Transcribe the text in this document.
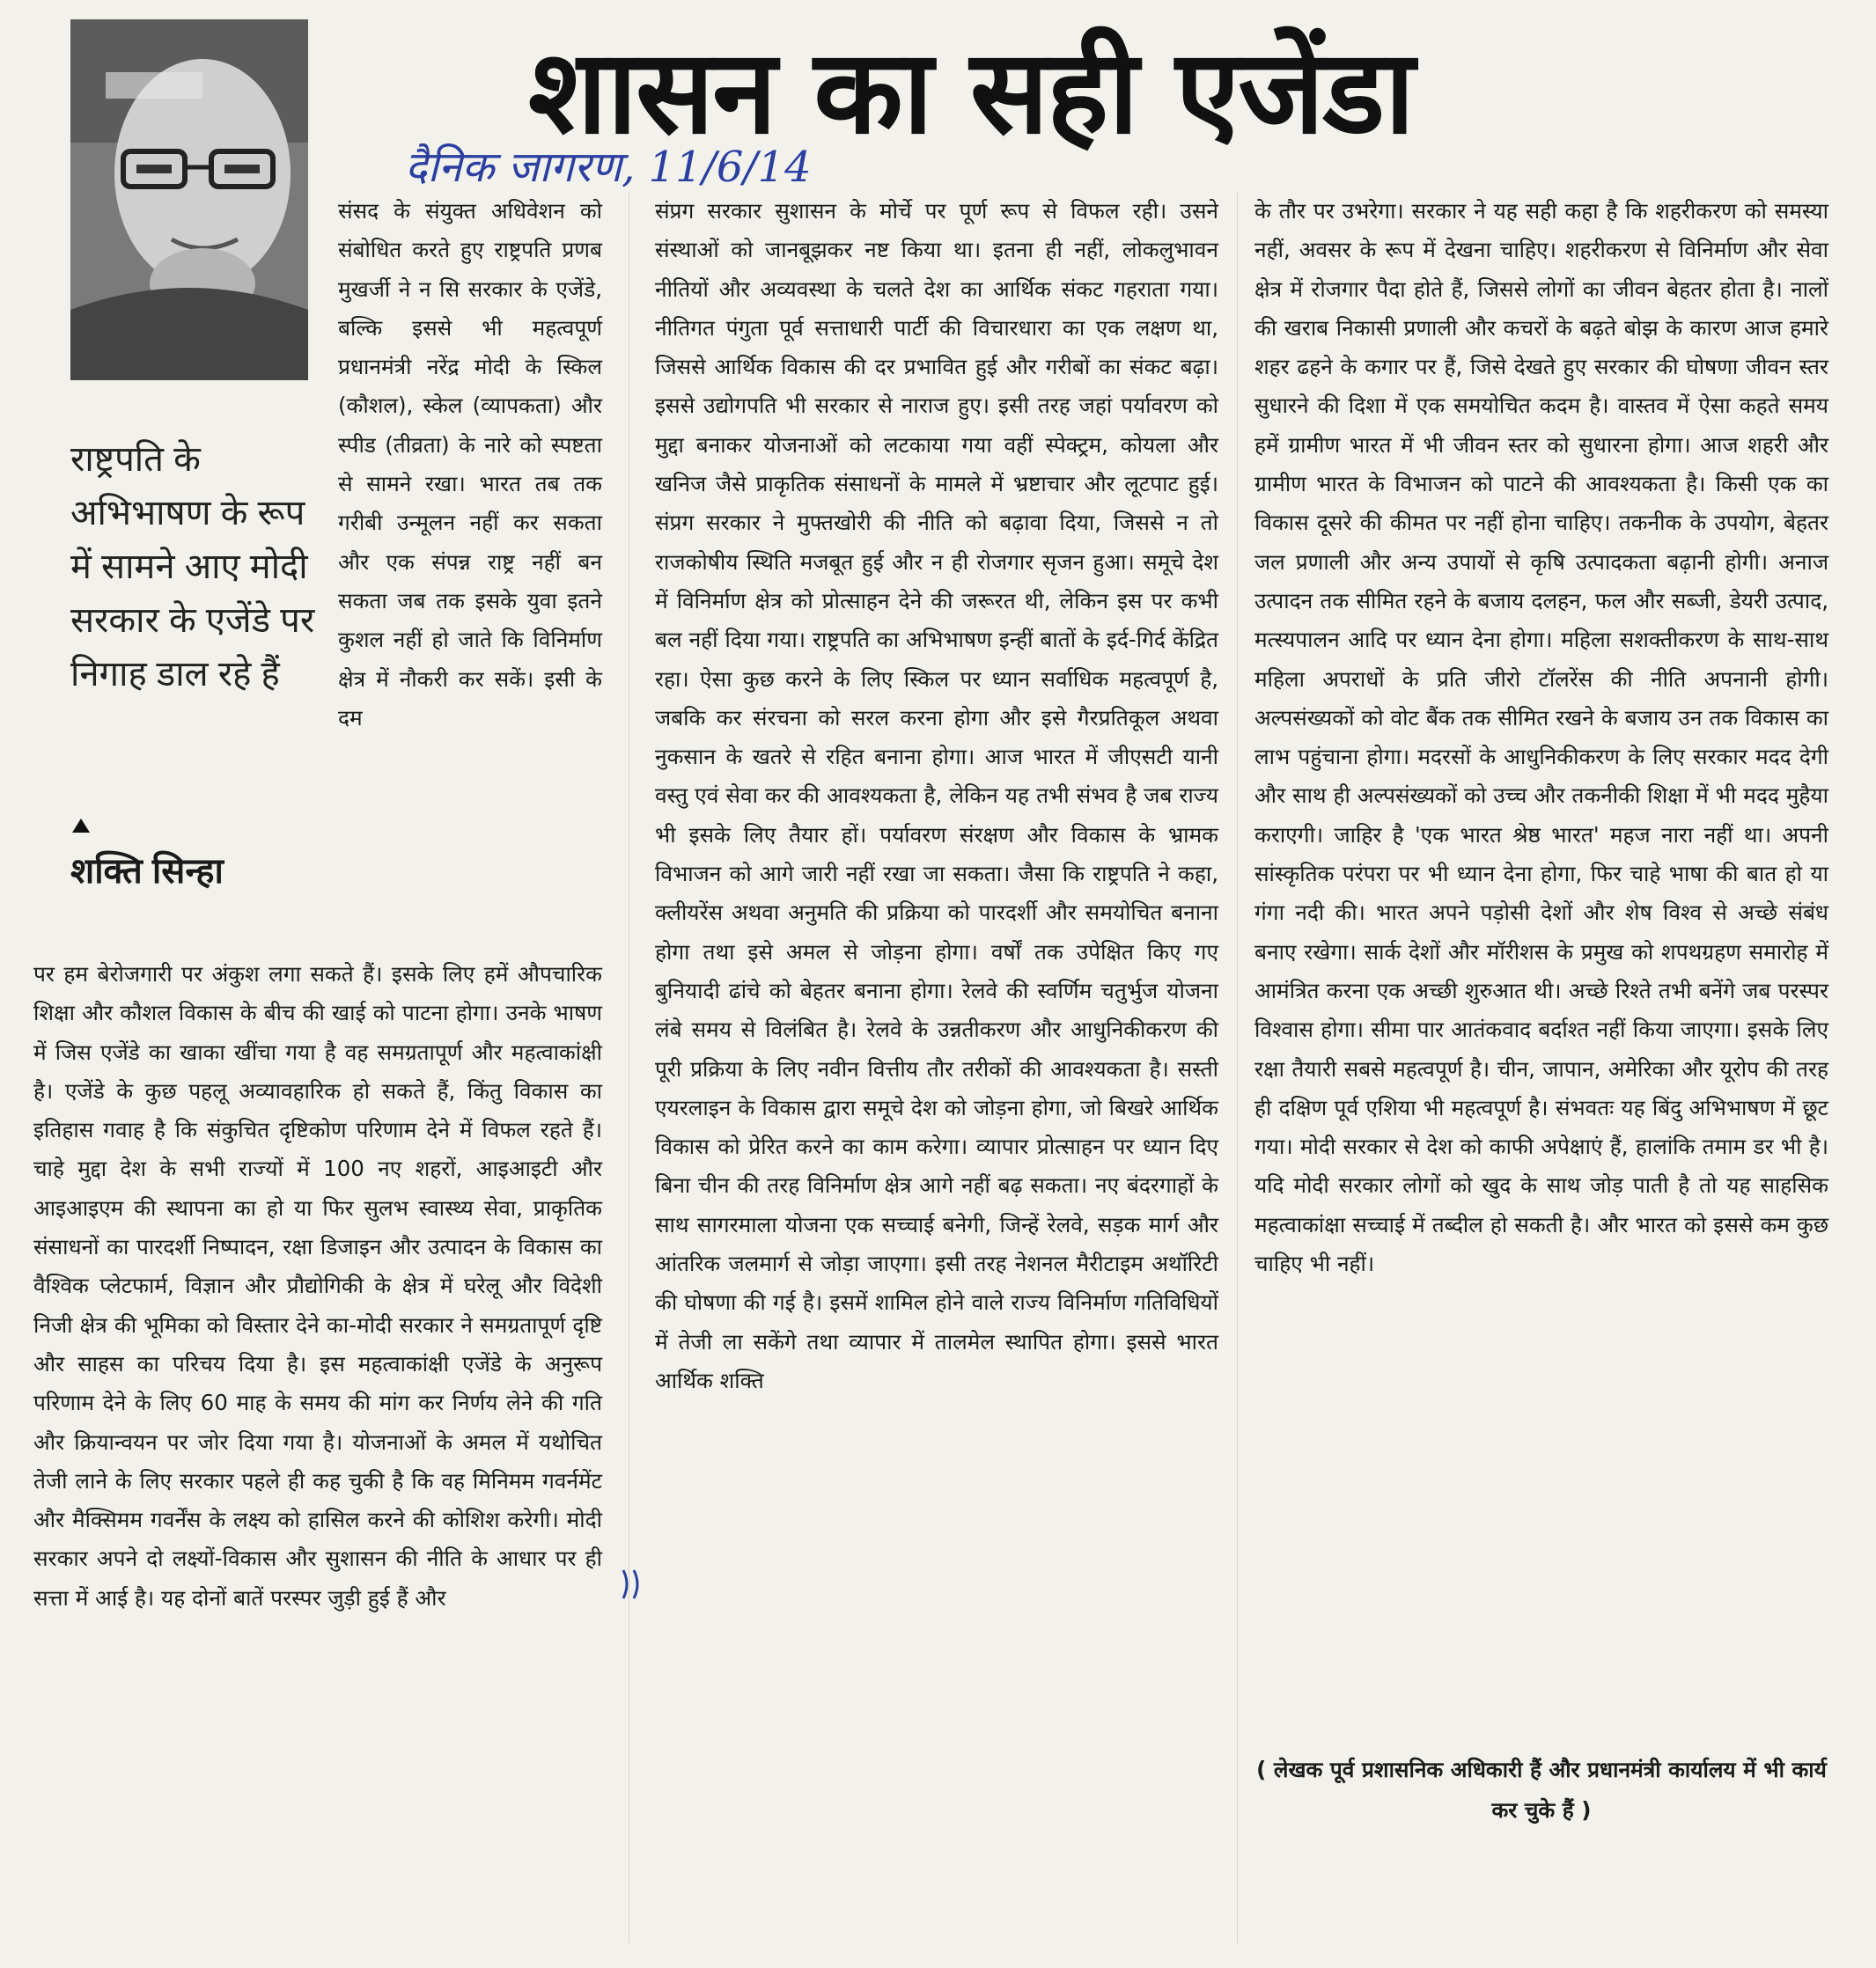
शासन का सही एजेंडा
दैनिक जागरण, 11/6/14
राष्ट्रपति के अभिभाषण के रूप में सामने आए मोदी सरकार के एजेंडे पर निगाह डाल रहे हैं
शक्ति सिन्हा
संसद के संयुक्त अधिवेशन को संबोधित करते हुए राष्ट्रपति प्रणब मुखर्जी ने न सि सरकार के एजेंडे, बल्कि इससे भी महत्वपूर्ण प्रधानमंत्री नरेंद्र मोदी के स्किल (कौशल), स्केल (व्यापकता) और स्पीड (तीव्रता) के नारे को स्पष्टता से सामने रखा। भारत तब तक गरीबी उन्मूलन नहीं कर सकता और एक संपन्न राष्ट्र नहीं बन सकता जब तक इसके युवा इतने कुशल नहीं हो जाते कि विनिर्माण क्षेत्र में नौकरी कर सकें। इसी के दम
पर हम बेरोजगारी पर अंकुश लगा सकते हैं। इसके लिए हमें औपचारिक शिक्षा और कौशल विकास के बीच की खाई को पाटना होगा। उनके भाषण में जिस एजेंडे का खाका खींचा गया है वह समग्रतापूर्ण और महत्वाकांक्षी है। एजेंडे के कुछ पहलू अव्यावहारिक हो सकते हैं, किंतु विकास का इतिहास गवाह है कि संकुचित दृष्टिकोण परिणाम देने में विफल रहते हैं। चाहे मुद्दा देश के सभी राज्यों में 100 नए शहरों, आइआइटी और आइआइएम की स्थापना का हो या फिर सुलभ स्वास्थ्य सेवा, प्राकृतिक संसाधनों का पारदर्शी निष्पादन, रक्षा डिजाइन और उत्पादन के विकास का वैश्विक प्लेटफार्म, विज्ञान और प्रौद्योगिकी के क्षेत्र में घरेलू और विदेशी निजी क्षेत्र की भूमिका को विस्तार देने का-मोदी सरकार ने समग्रतापूर्ण दृष्टि और साहस का परिचय दिया है। इस महत्वाकांक्षी एजेंडे के अनुरूप परिणाम देने के लिए 60 माह के समय की मांग कर निर्णय लेने की गति और क्रियान्वयन पर जोर दिया गया है। योजनाओं के अमल में यथोचित तेजी लाने के लिए सरकार पहले ही कह चुकी है कि वह मिनिमम गवर्नमेंट और मैक्सिमम गवर्नेंस के लक्ष्य को हासिल करने की कोशिश करेगी। मोदी सरकार अपने दो लक्ष्यों-विकास और सुशासन की नीति के आधार पर ही सत्ता में आई है। यह दोनों बातें परस्पर जुड़ी हुई हैं और
संप्रग सरकार सुशासन के मोर्चे पर पूर्ण रूप से विफल रही। उसने संस्थाओं को जानबूझकर नष्ट किया था। इतना ही नहीं, लोकलुभावन नीतियों और अव्यवस्था के चलते देश का आर्थिक संकट गहराता गया। नीतिगत पंगुता पूर्व सत्ताधारी पार्टी की विचारधारा का एक लक्षण था, जिससे आर्थिक विकास की दर प्रभावित हुई और गरीबों का संकट बढ़ा। इससे उद्योगपति भी सरकार से नाराज हुए। इसी तरह जहां पर्यावरण को मुद्दा बनाकर योजनाओं को लटकाया गया वहीं स्पेक्ट्रम, कोयला और खनिज जैसे प्राकृतिक संसाधनों के मामले में भ्रष्टाचार और लूटपाट हुई। संप्रग सरकार ने मुफ्तखोरी की नीति को बढ़ावा दिया, जिससे न तो राजकोषीय स्थिति मजबूत हुई और न ही रोजगार सृजन हुआ। समूचे देश में विनिर्माण क्षेत्र को प्रोत्साहन देने की जरूरत थी, लेकिन इस पर कभी बल नहीं दिया गया। राष्ट्रपति का अभिभाषण इन्हीं बातों के इर्द-गिर्द केंद्रित रहा। ऐसा कुछ करने के लिए स्किल पर ध्यान सर्वाधिक महत्वपूर्ण है, जबकि कर संरचना को सरल करना होगा और इसे गैरप्रतिकूल अथवा नुकसान के खतरे से रहित बनाना होगा। आज भारत में जीएसटी यानी वस्तु एवं सेवा कर की आवश्यकता है, लेकिन यह तभी संभव है जब राज्य भी इसके लिए तैयार हों। पर्यावरण संरक्षण और विकास के भ्रामक विभाजन को आगे जारी नहीं रखा जा सकता। जैसा कि राष्ट्रपति ने कहा, क्लीयरेंस अथवा अनुमति की प्रक्रिया को पारदर्शी और समयोचित बनाना होगा तथा इसे अमल से जोड़ना होगा। वर्षों तक उपेक्षित किए गए बुनियादी ढांचे को बेहतर बनाना होगा। रेलवे की स्वर्णिम चतुर्भुज योजना लंबे समय से विलंबित है। रेलवे के उन्नतीकरण और आधुनिकीकरण की पूरी प्रक्रिया के लिए नवीन वित्तीय तौर तरीकों की आवश्यकता है। सस्ती एयरलाइन के विकास द्वारा समूचे देश को जोड़ना होगा, जो बिखरे आर्थिक विकास को प्रेरित करने का काम करेगा। व्यापार प्रोत्साहन पर ध्यान दिए बिना चीन की तरह विनिर्माण क्षेत्र आगे नहीं बढ़ सकता। नए बंदरगाहों के साथ सागरमाला योजना एक सच्चाई बनेगी, जिन्हें रेलवे, सड़क मार्ग और आंतरिक जलमार्ग से जोड़ा जाएगा। इसी तरह नेशनल मैरीटाइम अथॉरिटी की घोषणा की गई है। इसमें शामिल होने वाले राज्य विनिर्माण गतिविधियों में तेजी ला सकेंगे तथा व्यापार में तालमेल स्थापित होगा। इससे भारत आर्थिक शक्ति
के तौर पर उभरेगा। सरकार ने यह सही कहा है कि शहरीकरण को समस्या नहीं, अवसर के रूप में देखना चाहिए। शहरीकरण से विनिर्माण और सेवा क्षेत्र में रोजगार पैदा होते हैं, जिससे लोगों का जीवन बेहतर होता है। नालों की खराब निकासी प्रणाली और कचरों के बढ़ते बोझ के कारण आज हमारे शहर ढहने के कगार पर हैं, जिसे देखते हुए सरकार की घोषणा जीवन स्तर सुधारने की दिशा में एक समयोचित कदम है। वास्तव में ऐसा कहते समय हमें ग्रामीण भारत में भी जीवन स्तर को सुधारना होगा। आज शहरी और ग्रामीण भारत के विभाजन को पाटने की आवश्यकता है। किसी एक का विकास दूसरे की कीमत पर नहीं होना चाहिए। तकनीक के उपयोग, बेहतर जल प्रणाली और अन्य उपायों से कृषि उत्पादकता बढ़ानी होगी। अनाज उत्पादन तक सीमित रहने के बजाय दलहन, फल और सब्जी, डेयरी उत्पाद, मत्स्यपालन आदि पर ध्यान देना होगा। महिला सशक्तीकरण के साथ-साथ महिला अपराधों के प्रति जीरो टॉलरेंस की नीति अपनानी होगी। अल्पसंख्यकों को वोट बैंक तक सीमित रखने के बजाय उन तक विकास का लाभ पहुंचाना होगा। मदरसों के आधुनिकीकरण के लिए सरकार मदद देगी और साथ ही अल्पसंख्यकों को उच्च और तकनीकी शिक्षा में भी मदद मुहैया कराएगी। जाहिर है 'एक भारत श्रेष्ठ भारत' महज नारा नहीं था। अपनी सांस्कृतिक परंपरा पर भी ध्यान देना होगा, फिर चाहे भाषा की बात हो या गंगा नदी की। भारत अपने पड़ोसी देशों और शेष विश्व से अच्छे संबंध बनाए रखेगा। सार्क देशों और मॉरीशस के प्रमुख को शपथग्रहण समारोह में आमंत्रित करना एक अच्छी शुरुआत थी। अच्छे रिश्ते तभी बनेंगे जब परस्पर विश्वास होगा। सीमा पार आतंकवाद बर्दाश्त नहीं किया जाएगा। इसके लिए रक्षा तैयारी सबसे महत्वपूर्ण है। चीन, जापान, अमेरिका और यूरोप की तरह ही दक्षिण पूर्व एशिया भी महत्वपूर्ण है। संभवतः यह बिंदु अभिभाषण में छूट गया। मोदी सरकार से देश को काफी अपेक्षाएं हैं, हालांकि तमाम डर भी है। यदि मोदी सरकार लोगों को खुद के साथ जोड़ पाती है तो यह साहसिक महत्वाकांक्षा सच्चाई में तब्दील हो सकती है। और भारत को इससे कम कुछ चाहिए भी नहीं।
( लेखक पूर्व प्रशासनिक अधिकारी हैं और प्रधानमंत्री कार्यालय में भी कार्य कर चुके हैं )
